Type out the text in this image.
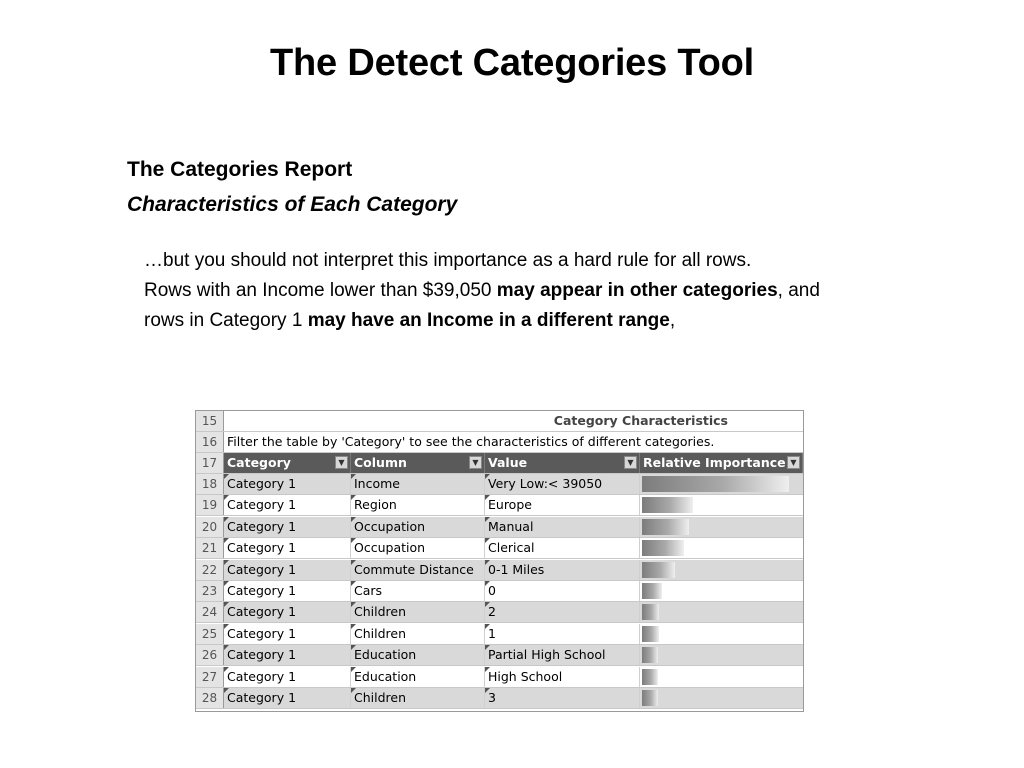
The Detect Categories Tool
The Categories Report
Characteristics of Each Category
…but you should not interpret this importance as a hard rule for all rows.
Rows with an Income lower than $39,050 may appear in other categories, and
rows in Category 1 may have an Income in a different range,
15	Category Characteristics
16 Filter the table by 'Category' to see the characteristics of different categories.
17 Category	▼ Column	▼ Value	▼ Relative Importance ▼
18 Category 1	Income	Very Low:< 39050
19 Category 1	Region	Europe
20 Category 1	Occupation	Manual
21 Category 1	Occupation	Clerical
22 Category 1	Commute Distance	0-1 Miles
23 Category 1	Cars	0
24 Category 1	Children	2
25 Category 1	Children	1
26 Category 1	Education	Partial High School
27 Category 1	Education	High School
28 Category 1	Children	3
